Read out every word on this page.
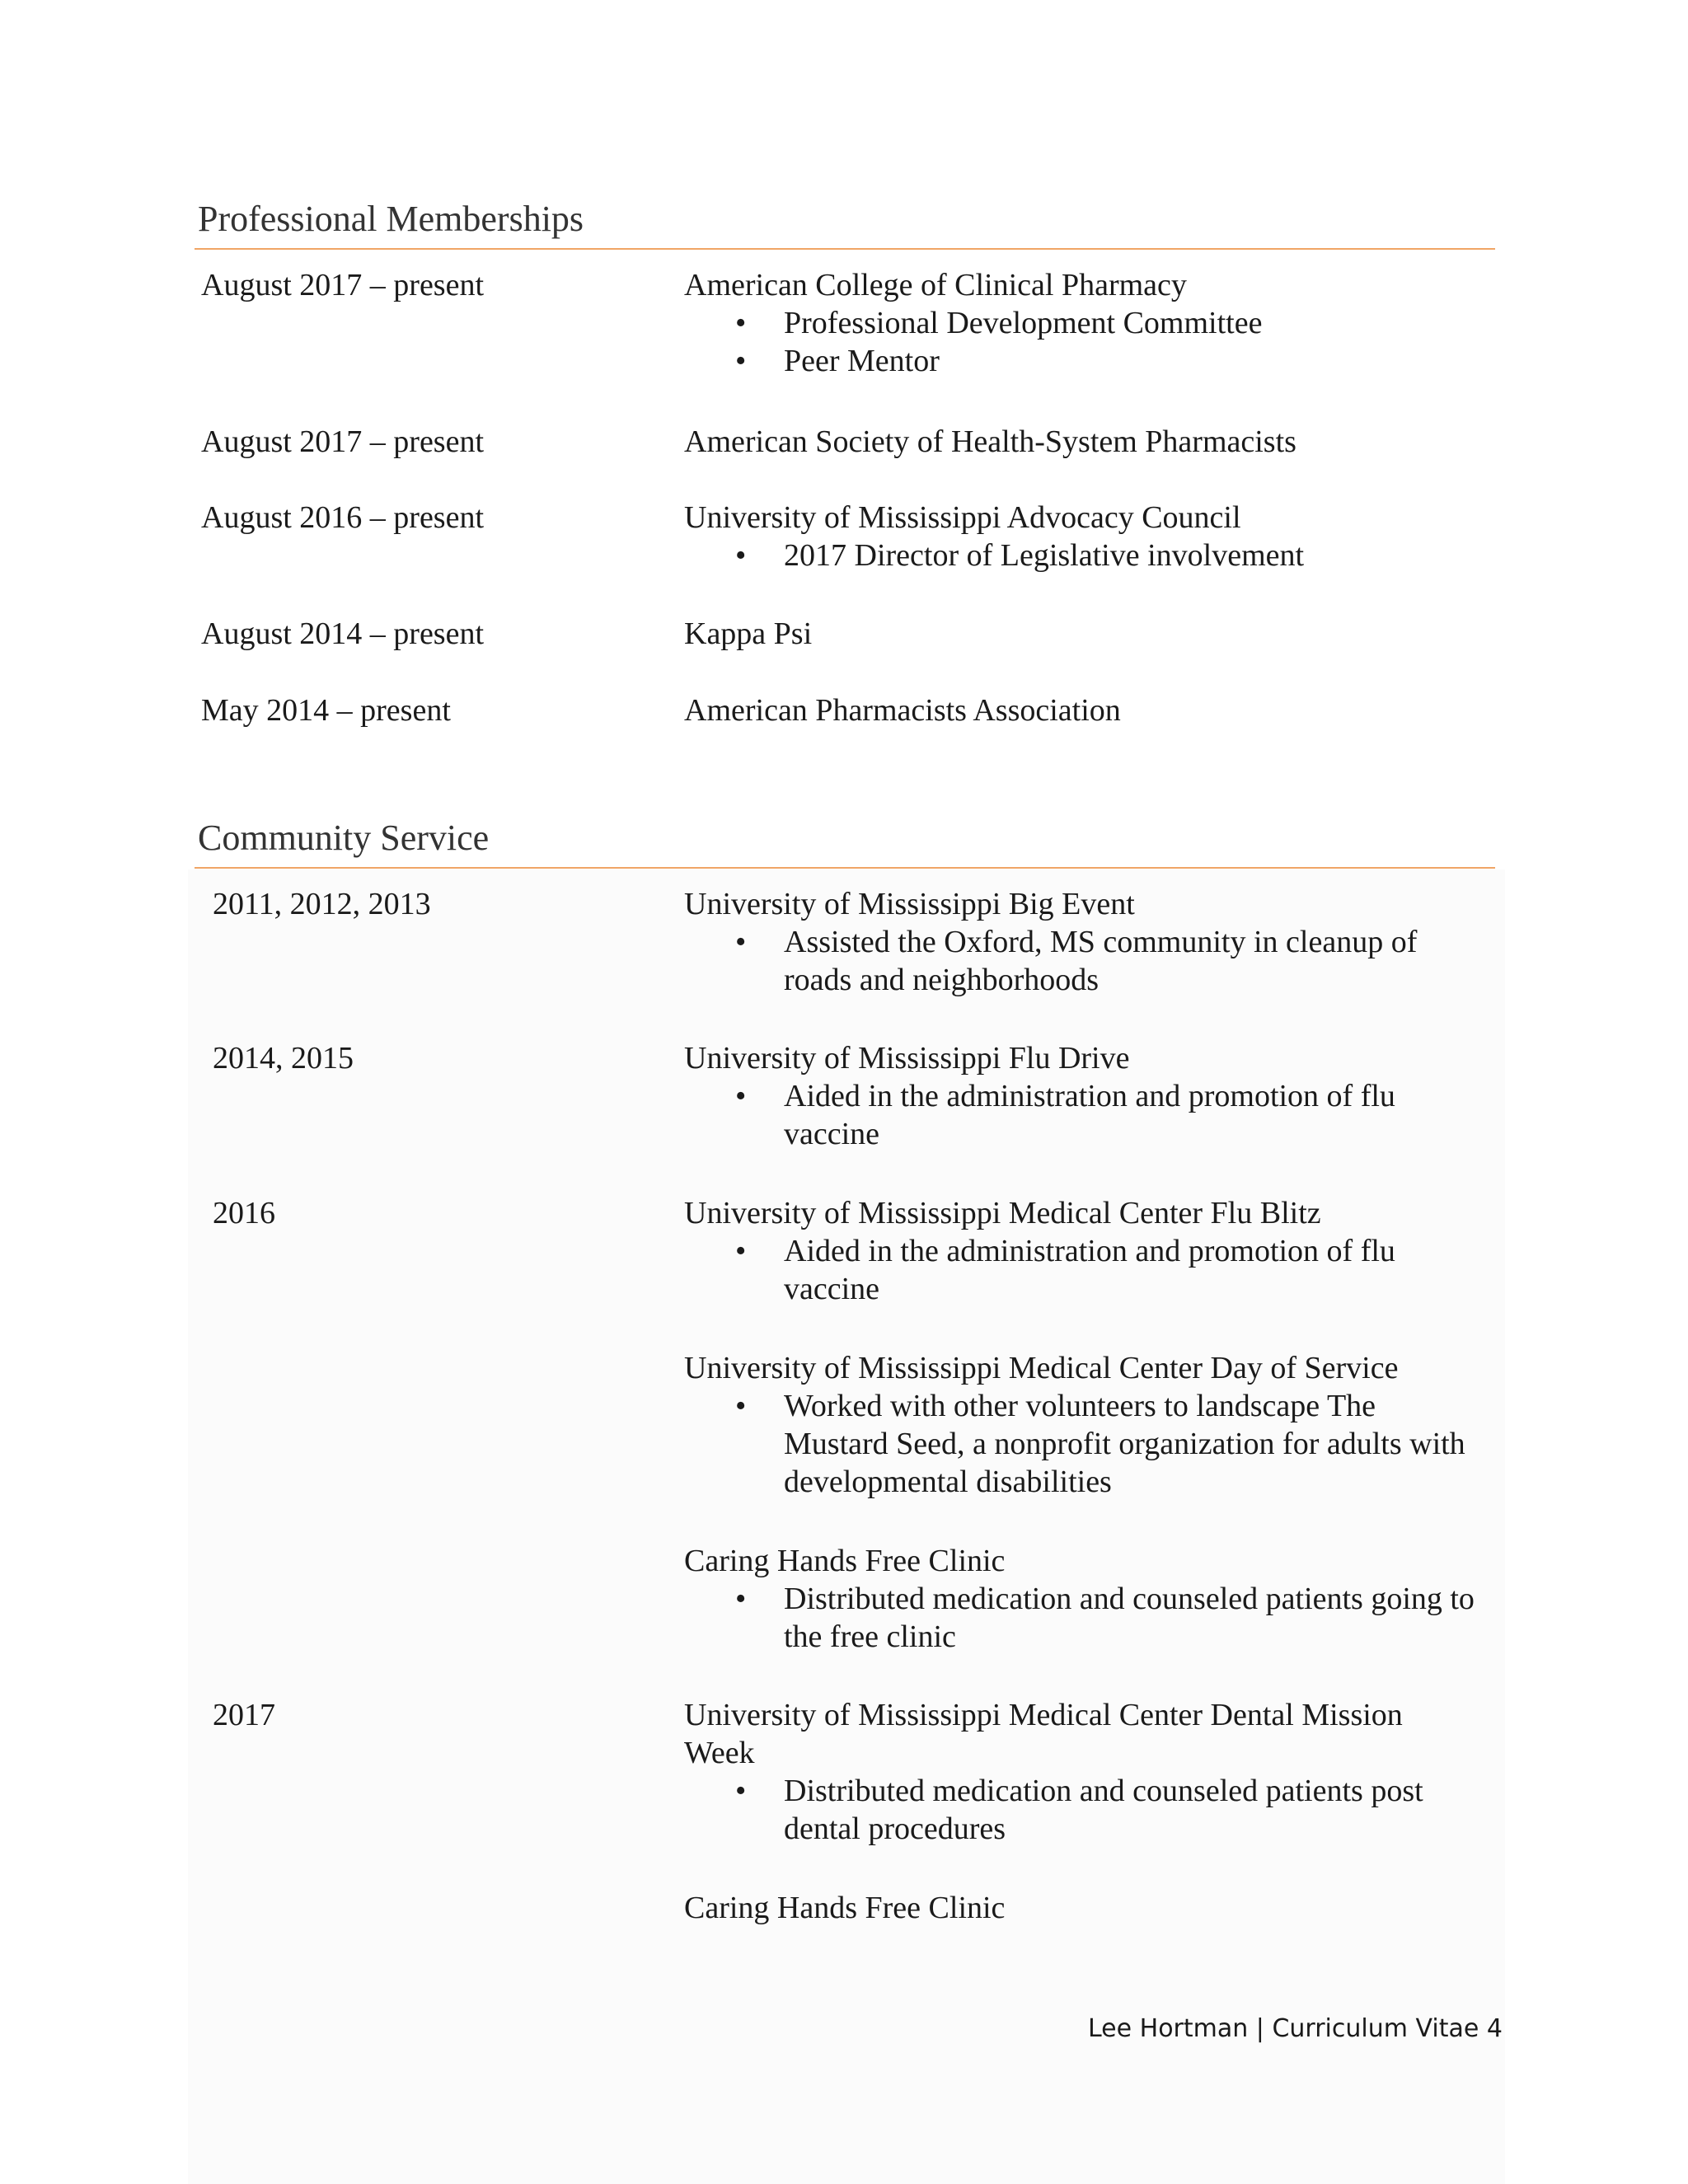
Professional Memberships
August 2017 – present	American College of Clinical Pharmacy
• Professional Development Committee
• Peer Mentor
August 2017 – present	American Society of Health-System Pharmacists
August 2016 – present	University of Mississippi Advocacy Council
• 2017 Director of Legislative involvement
August 2014 – present	Kappa Psi
May 2014 – present	American Pharmacists Association
Community Service
2011, 2012, 2013	University of Mississippi Big Event
• Assisted the Oxford, MS community in cleanup of roads and neighborhoods
2014, 2015	University of Mississippi Flu Drive
• Aided in the administration and promotion of flu vaccine
2016	University of Mississippi Medical Center Flu Blitz
• Aided in the administration and promotion of flu vaccine
University of Mississippi Medical Center Day of Service
• Worked with other volunteers to landscape The Mustard Seed, a nonprofit organization for adults with developmental disabilities
Caring Hands Free Clinic
• Distributed medication and counseled patients going to the free clinic
2017	University of Mississippi Medical Center Dental Mission Week
• Distributed medication and counseled patients post dental procedures
Caring Hands Free Clinic
Lee Hortman | Curriculum Vitae 4
